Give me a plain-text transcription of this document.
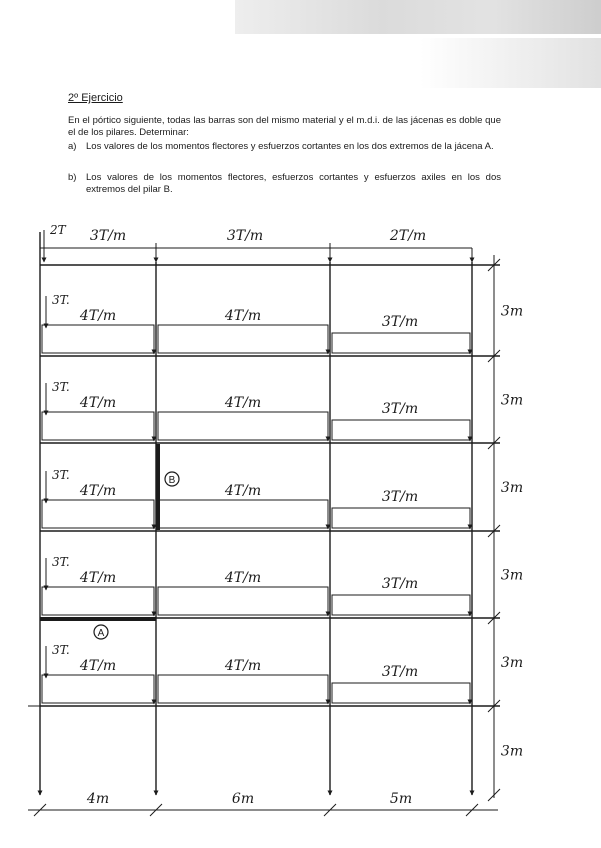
2º Ejercicio
En el pórtico siguiente, todas las barras son del mismo material y el m.d.i. de las jácenas es doble que el de los pilares. Determinar:
a) Los valores de los momentos flectores y esfuerzos cortantes en los dos extremos de la jácena A.
b) Los valores de los momentos flectores, esfuerzos cortantes y esfuerzos axiles en los dos extremos del pilar B.
2T 3T/m	3T/m	2T/m
3T.
4T/m	4T/m	3T/m
3T.
4T/m	4T/m	3T/m
3T.
4T/m	4T/m	3T/m
3T.
4T/m	4T/m	3T/m
3T.
4T/m	4T/m	3T/m
A
B
3m
3m
3m
3m
3m
3m
4m	6m	5m
